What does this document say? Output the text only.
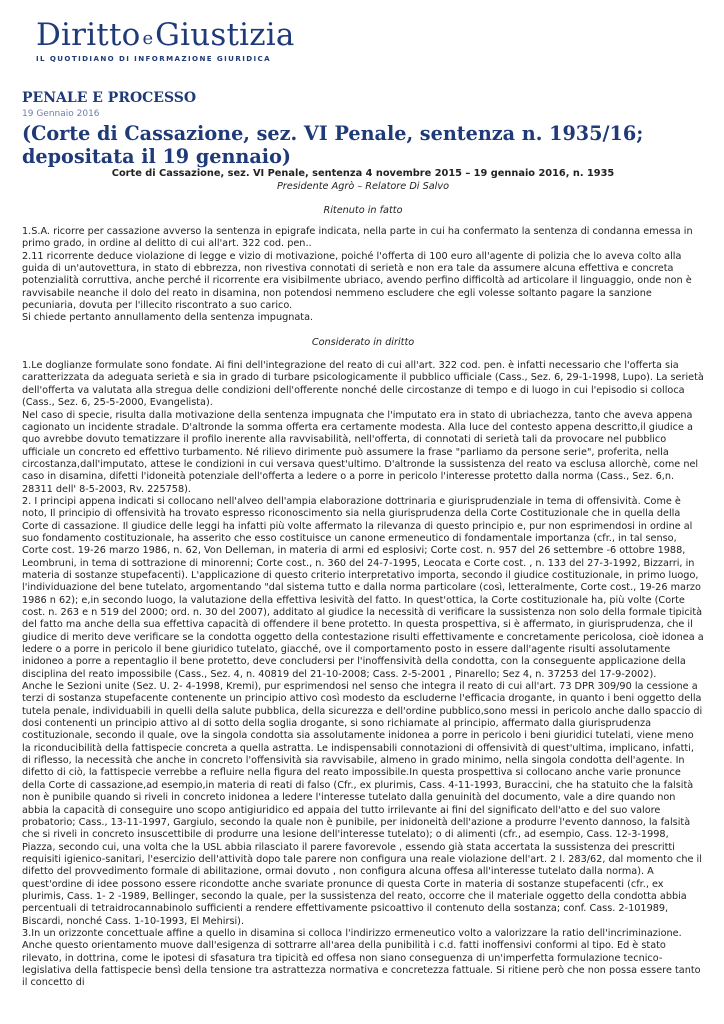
Diritto eGiustizia
IL QUOTIDIANO DI INFORMAZIONE GIURIDICA
PENALE E PROCESSO
19 Gennaio 2016
(Corte di Cassazione, sez. VI Penale, sentenza n. 1935/16;
depositata il 19 gennaio)
Corte di Cassazione, sez. VI Penale, sentenza 4 novembre 2015 – 19 gennaio 2016, n. 1935
Presidente Agrò – Relatore Di Salvo
Ritenuto in fatto
1.S.A. ricorre per cassazione avverso la sentenza in epigrafe indicata, nella parte in cui ha confermato la sentenza di condanna emessa in primo grado, in ordine al delitto di cui all'art. 322 cod. pen..
2.11 ricorrente deduce violazione di legge e vizio di motivazione, poiché l'offerta di 100 euro all'agente di polizia che lo aveva colto alla guida di un'autovettura, in stato di ebbrezza, non rivestiva connotati di serietà e non era tale da assumere alcuna effettiva e concreta potenzialità corruttiva, anche perché il ricorrente era visibilmente ubriaco, avendo perfino difficoltà ad articolare il linguaggio, onde non è ravvisabile neanche il dolo del reato in disamina, non potendosi nemmeno escludere che egli volesse soltanto pagare la sanzione pecuniaria, dovuta per l'illecito riscontrato a suo carico.
Si chiede pertanto annullamento della sentenza impugnata.
Considerato in diritto
1.Le doglianze formulate sono fondate. Ai fini dell'integrazione del reato di cui all'art. 322 cod. pen. è infatti necessario che l'offerta sia caratterizzata da adeguata serietà e sia in grado di turbare psicologicamente il pubblico ufficiale (Cass., Sez. 6, 29-1-1998, Lupo). La serietà dell'offerta va valutata alla stregua delle condizioni dell'offerente nonché delle circostanze di tempo e di luogo in cui l'episodio si colloca (Cass., Sez. 6, 25-5-2000, Evangelista).
Nel caso di specie, risulta dalla motivazione della sentenza impugnata che l'imputato era in stato di ubriachezza, tanto che aveva appena cagionato un incidente stradale. D'altronde la somma offerta era certamente modesta. Alla luce del contesto appena descritto,il giudice a quo avrebbe dovuto tematizzare il profilo inerente alla ravvisabilità, nell'offerta, di connotati di serietà tali da provocare nel pubblico ufficiale un concreto ed effettivo turbamento. Né rilievo dirimente può assumere la frase "parliamo da persone serie", proferita, nella circostanza,dall'imputato, attese le condizioni in cui versava quest'ultimo. D'altronde la sussistenza del reato va esclusa allorchè, come nel caso in disamina, difetti l'idoneità potenziale dell'offerta a ledere o a porre in pericolo l'interesse protetto dalla norma (Cass., Sez. 6,n. 28311 dell' 8-5-2003, Rv. 225758).
2. I principi appena indicati si collocano nell'alveo dell'ampia elaborazione dottrinaria e giurisprudenziale in tema di offensività. Come è noto, Il principio di offensività ha trovato espresso riconoscimento sia nella giurisprudenza della Corte Costituzionale che in quella della Corte di cassazione. Il giudice delle leggi ha infatti più volte affermato la rilevanza di questo principio e, pur non esprimendosi in ordine al suo fondamento costituzionale, ha asserito che esso costituisce un canone ermeneutico di fondamentale importanza (cfr., in tal senso, Corte cost. 19-26 marzo 1986, n. 62, Von Delleman, in materia di armi ed esplosivi; Corte cost. n. 957 del 26 settembre -6 ottobre 1988, Leombruni, in tema di sottrazione di minorenni; Corte cost., n. 360 del 24-7-1995, Leocata e Corte cost. , n. 133 del 27-3-1992, Bizzarri, in materia di sostanze stupefacenti). L'applicazione di questo criterio interpretativo importa, secondo il giudice costituzionale, in primo luogo, l'individuazione del bene tutelato, argomentando "dal sistema tutto e dalla norma particolare (così, letteralmente, Corte cost., 19-26 marzo 1986 n 62); e,in secondo luogo, la valutazione della effettiva lesività del fatto. In quest'ottica, la Corte costituzionale ha, più volte (Corte cost. n. 263 e n 519 del 2000; ord. n. 30 del 2007), additato al giudice la necessità di verificare la sussistenza non solo della formale tipicità del fatto ma anche della sua effettiva capacità di offendere il bene protetto. In questa prospettiva, si è affermato, in giurisprudenza, che il giudice di merito deve verificare se la condotta oggetto della contestazione risulti effettivamente e concretamente pericolosa, cioè idonea a ledere o a porre in pericolo il bene giuridico tutelato, giacché, ove il comportamento posto in essere dall'agente risulti assolutamente inidoneo a porre a repentaglio il bene protetto, deve concludersi per l'inoffensività della condotta, con la conseguente applicazione della disciplina del reato impossibile (Cass., Sez. 4, n. 40819 del 21-10-2008; Cass. 2-5-2001 , Pinarello; Sez 4, n. 37253 del 17-9-2002).
Anche le Sezioni unite (Sez. U. 2- 4-1998, Kremi), pur esprimendosi nel senso che integra il reato di cui all'art. 73 DPR 309/90 la cessione a terzi di sostanza stupefacente contenente un principio attivo così modesto da escluderne l'efficacia drogante, in quanto i beni oggetto della tutela penale, individuabili in quelli della salute pubblica, della sicurezza e dell'ordine pubblico,sono messi in pericolo anche dallo spaccio di dosi contenenti un principio attivo al di sotto della soglia drogante, si sono richiamate al principio, affermato dalla giurisprudenza costituzionale, secondo il quale, ove la singola condotta sia assolutamente inidonea a porre in pericolo i beni giuridici tutelati, viene meno la riconducibilità della fattispecie concreta a quella astratta. Le indispensabili connotazioni di offensività di quest'ultima, implicano, infatti, di riflesso, la necessità che anche in concreto l'offensività sia ravvisabile, almeno in grado minimo, nella singola condotta dell'agente. In difetto di ciò, la fattispecie verrebbe a refluire nella figura del reato impossibile.In questa prospettiva si collocano anche varie pronunce della Corte di cassazione,ad esempio,in materia di reati di falso (Cfr., ex plurimis, Cass. 4-11-1993, Buraccini, che ha statuito che la falsità non è punibile quando si riveli in concreto inidonea a ledere l'interesse tutelato dalla genuinità del documento, vale a dire quando non abbia la capacità di conseguire uno scopo antigiuridico ed appaia del tutto irrilevante ai fini del significato dell'atto e del suo valore probatorio; Cass., 13-11-1997, Gargiulo, secondo la quale non è punibile, per inidoneità dell'azione a produrre l'evento dannoso, la falsità che si riveli in concreto insuscettibile di produrre una lesione dell'interesse tutelato); o di alimenti (cfr., ad esempio, Cass. 12-3-1998, Piazza, secondo cui, una volta che la USL abbia rilasciato il parere favorevole , essendo già stata accertata la sussistenza dei prescritti requisiti igienico-sanitari, l'esercizio dell'attività dopo tale parere non configura una reale violazione dell'art. 2 l. 283/62, dal momento che il difetto del provvedimento formale di abilitazione, ormai dovuto , non configura alcuna offesa all'interesse tutelato dalla norma). A quest'ordine di idee possono essere ricondotte anche svariate pronunce di questa Corte in materia di sostanze stupefacenti (cfr., ex plurimis, Cass. 1- 2 -1989, Bellinger, secondo la quale, per la sussistenza del reato, occorre che il materiale oggetto della condotta abbia percentuali di tetraidrocannabinolo sufficienti a rendere effettivamente psicoattivo il contenuto della sostanza; conf. Cass. 2-101989, Biscardi, nonché Cass. 1-10-1993, El Mehirsi).
3.In un orizzonte concettuale affine a quello in disamina si colloca l'indirizzo ermeneutico volto a valorizzare la ratio dell'incriminazione. Anche questo orientamento muove dall'esigenza di sottrarre all'area della punibilità i c.d. fatti inoffensivi conformi al tipo. Ed è stato rilevato, in dottrina, come le ipotesi di sfasatura tra tipicità ed offesa non siano conseguenza di un'imperfetta formulazione tecnico-legislativa della fattispecie bensì della tensione tra astrattezza normativa e concretezza fattuale. Si ritiene però che non possa essere tanto il concetto di
